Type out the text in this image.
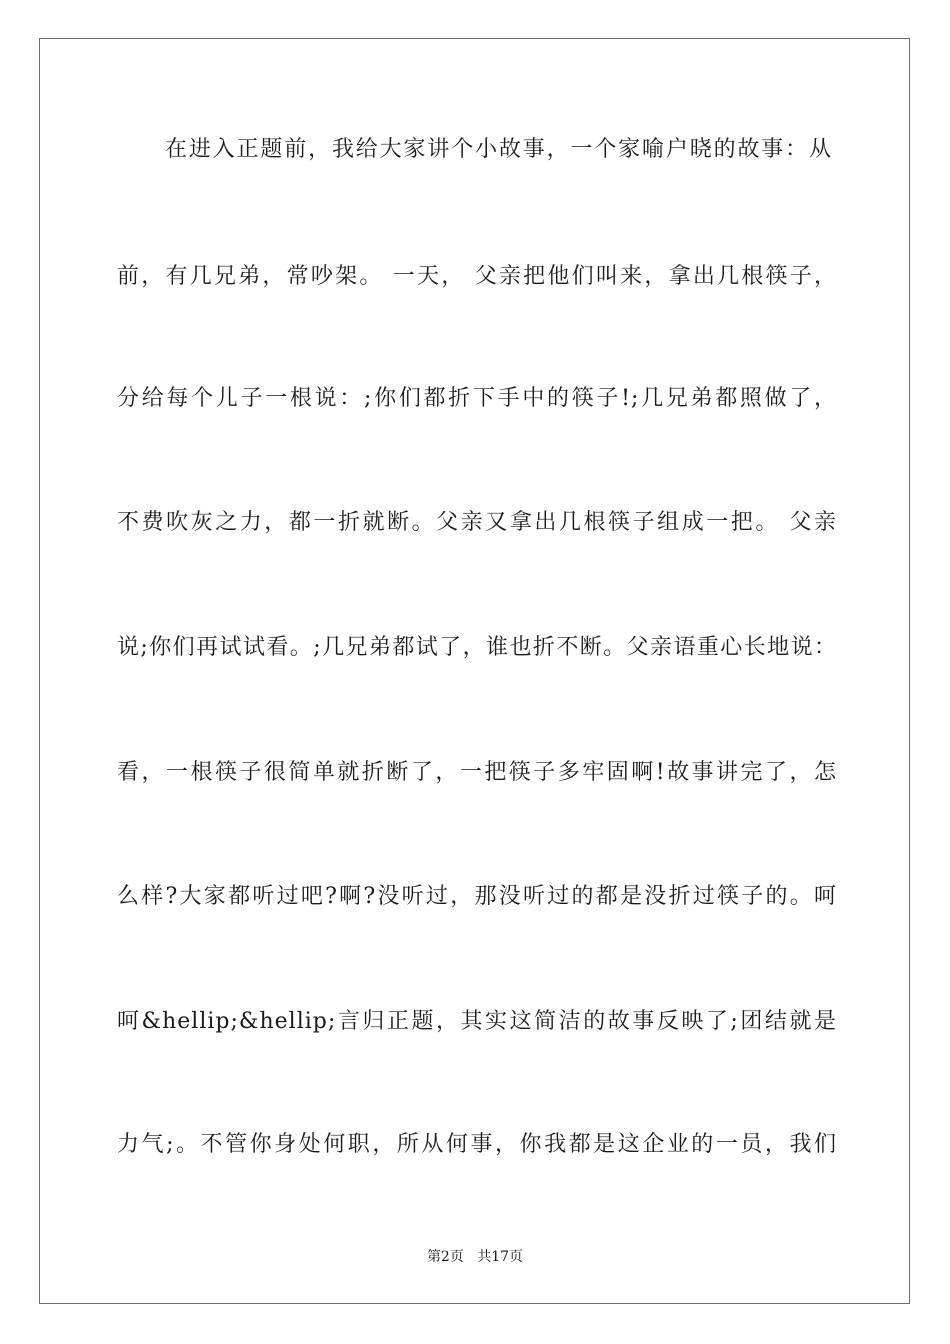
在进入正题前，我给大家讲个小故事，一个家喻户晓的故事：从
前，有几兄弟，常吵架。 一天， 父亲把他们叫来，拿出几根筷子，
分给每个儿子一根说：;你们都折下手中的筷子!;几兄弟都照做了，
不费吹灰之力，都一折就断。父亲又拿出几根筷子组成一把。 父亲
说;你们再试试看。;几兄弟都试了，谁也折不断。父亲语重心长地说：
看，一根筷子很简单就折断了，一把筷子多牢固啊!故事讲完了，怎
么样?大家都听过吧?啊?没听过，那没听过的都是没折过筷子的。呵
呵&hellip;&hellip;言归正题，其实这简洁的故事反映了;团结就是
力气;。不管你身处何职，所从何事，你我都是这企业的一员，我们
第2页 共17页
